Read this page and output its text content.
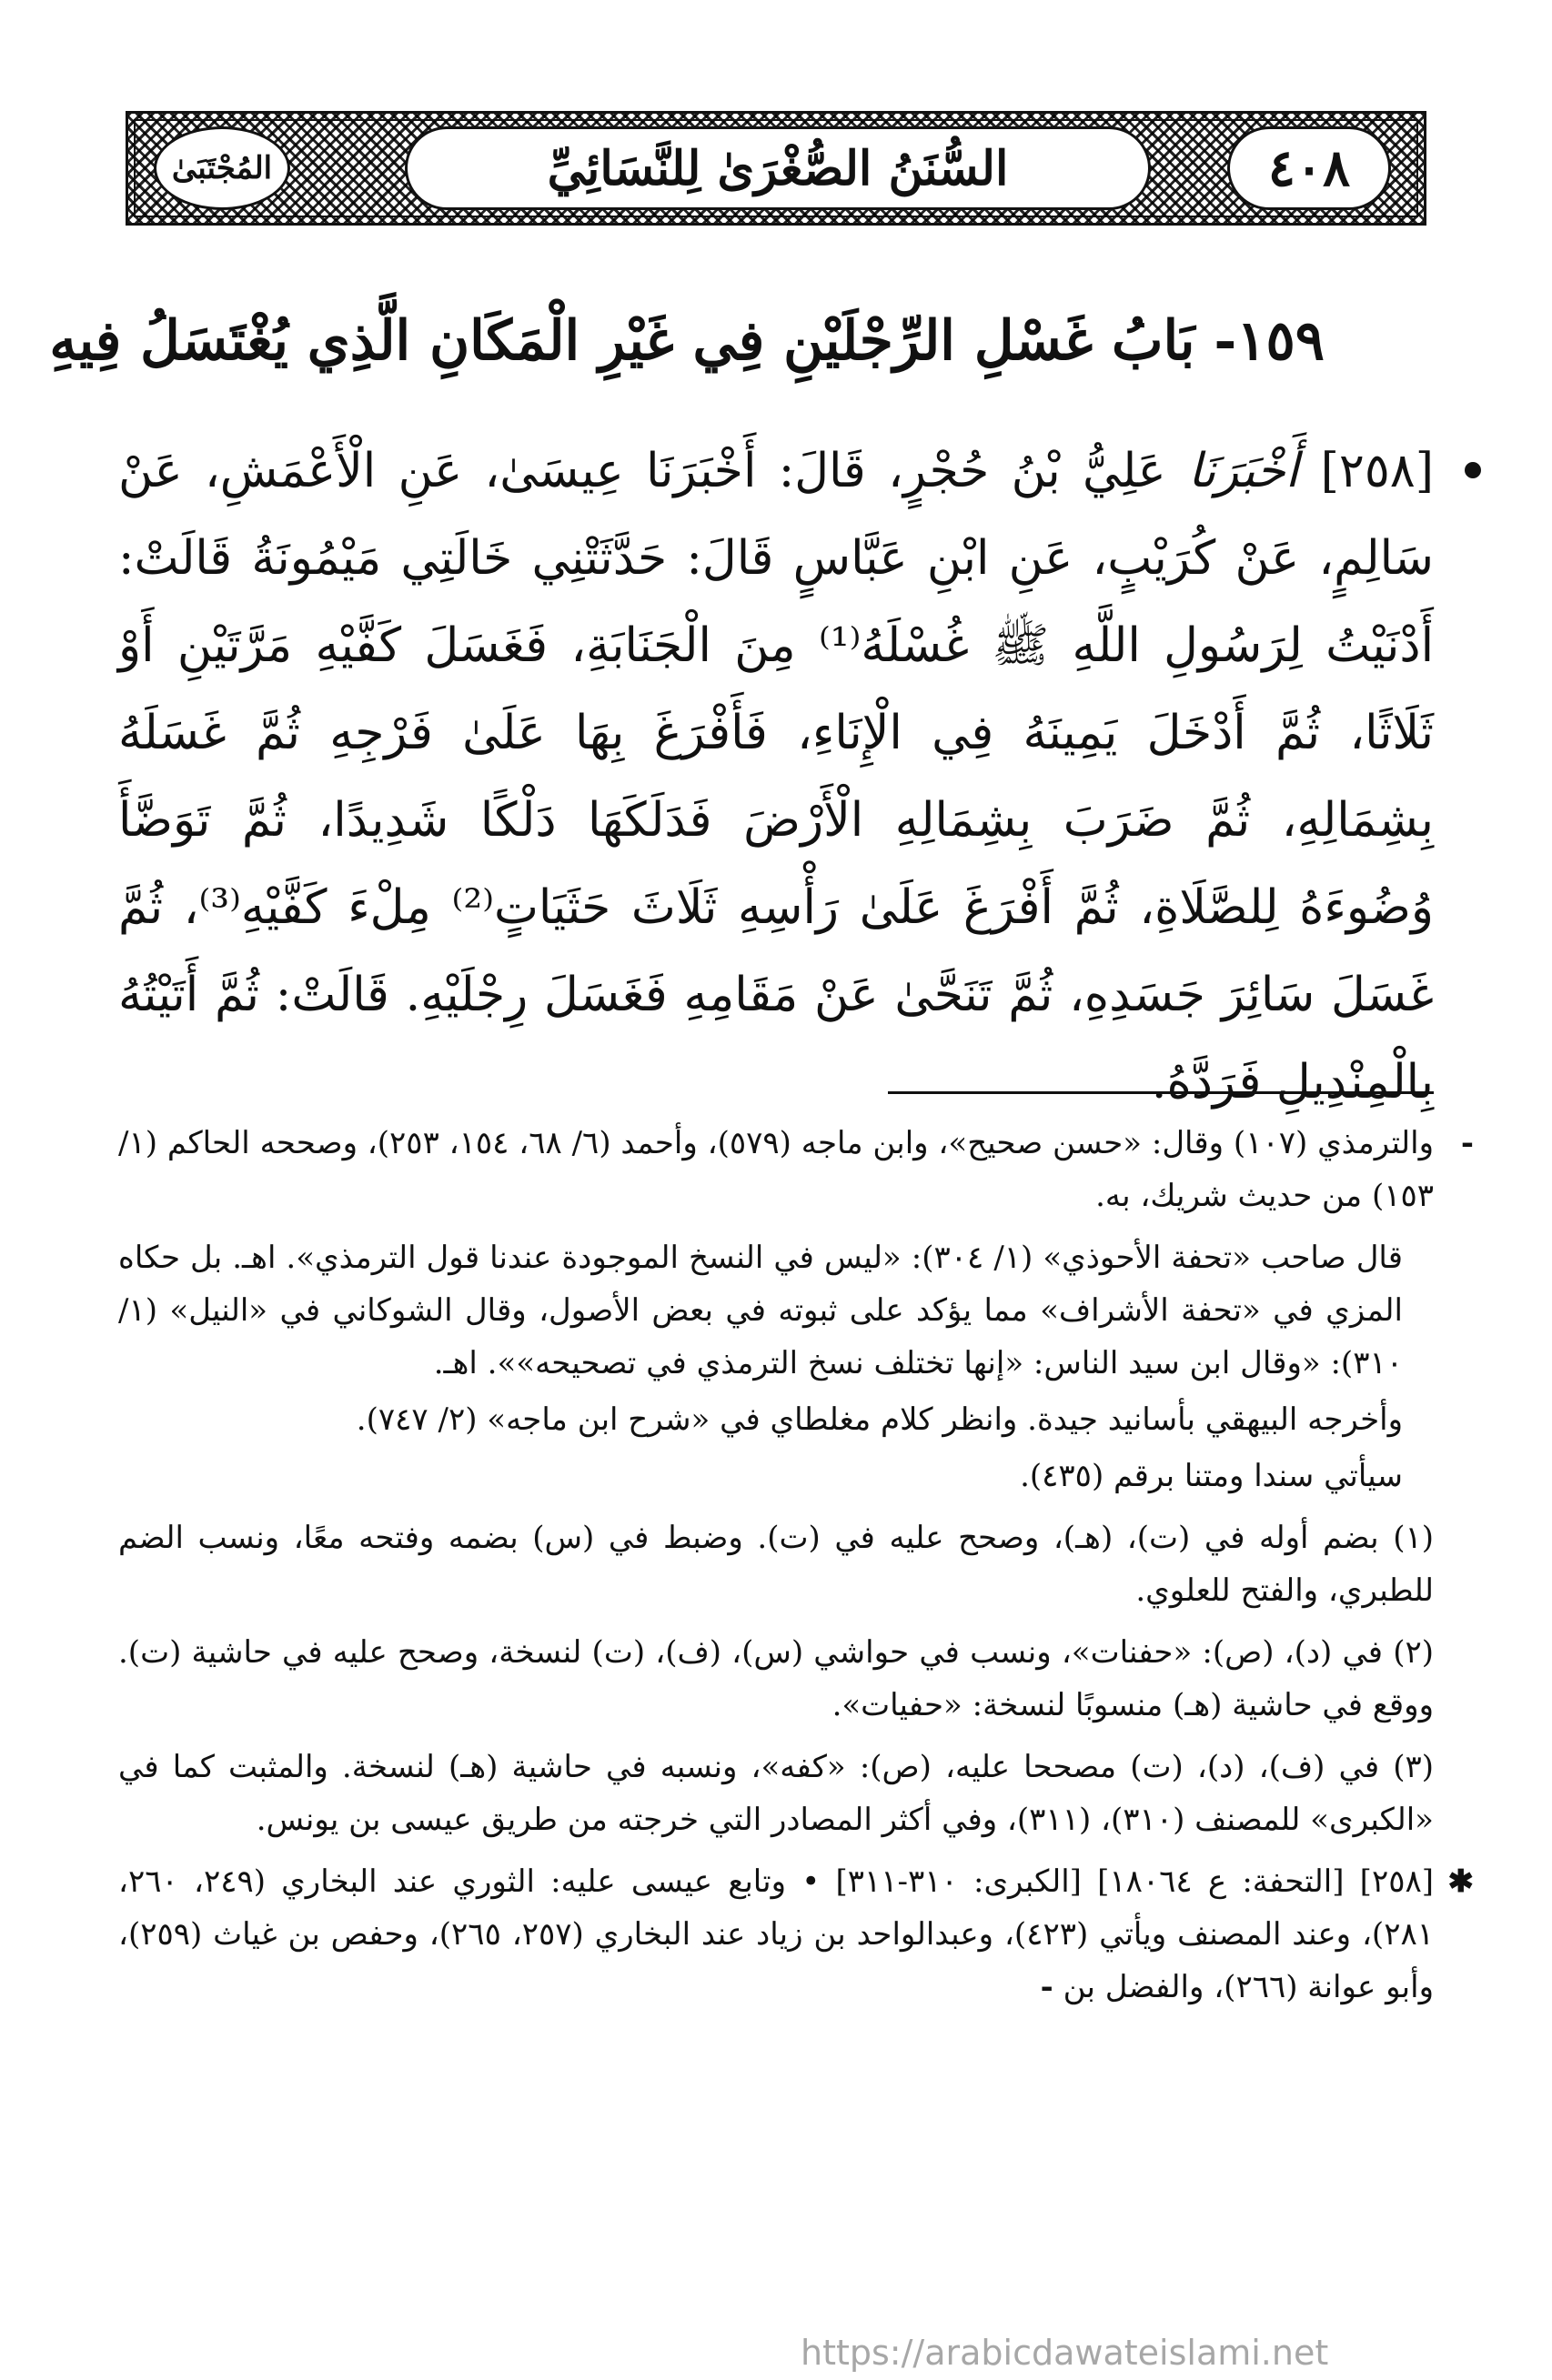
٤٠٨
السُّنَنُ الصُّغْرَىٰ لِلنَّسَائِيِّ
المُجْتَبَىٰ
١٥٩- بَابُ غَسْلِ الرِّجْلَيْنِ فِي غَيْرِ الْمَكَانِ الَّذِي يُغْتَسَلُ فِيهِ
[٢٥٨] أَخْبَرَنَا عَلِيُّ بْنُ حُجْرٍ، قَالَ: أَخْبَرَنَا عِيسَىٰ، عَنِ الْأَعْمَشِ، عَنْ سَالِمٍ، عَنْ كُرَيْبٍ، عَنِ ابْنِ عَبَّاسٍ قَالَ: حَدَّثَتْنِي خَالَتِي مَيْمُونَةُ قَالَتْ: أَدْنَيْتُ لِرَسُولِ اللَّهِ ﷺ غُسْلَهُ⁽¹⁾ مِنَ الْجَنَابَةِ، فَغَسَلَ كَفَّيْهِ مَرَّتَيْنِ أَوْ ثَلَاثًا، ثُمَّ أَدْخَلَ يَمِينَهُ فِي الْإِنَاءِ، فَأَفْرَغَ بِهَا عَلَىٰ فَرْجِهِ ثُمَّ غَسَلَهُ بِشِمَالِهِ، ثُمَّ ضَرَبَ بِشِمَالِهِ الْأَرْضَ فَدَلَكَهَا دَلْكًا شَدِيدًا، ثُمَّ تَوَضَّأَ وُضُوءَهُ لِلصَّلَاةِ، ثُمَّ أَفْرَغَ عَلَىٰ رَأْسِهِ ثَلَاثَ حَثَيَاتٍ⁽²⁾ مِلْءَ كَفَّيْهِ⁽³⁾، ثُمَّ غَسَلَ سَائِرَ جَسَدِهِ، ثُمَّ تَنَحَّىٰ عَنْ مَقَامِهِ فَغَسَلَ رِجْلَيْهِ. قَالَتْ: ثُمَّ أَتَيْتُهُ بِالْمِنْدِيلِ فَرَدَّهُ.

-
والترمذي (١٠٧) وقال: «حسن صحيح»، وابن ماجه (٥٧٩)، وأحمد (٦/ ٦٨، ١٥٤، ٢٥٣)، وصححه الحاكم (١/ ١٥٣) من حديث شريك، به.

قال صاحب «تحفة الأحوذي» (١/ ٣٠٤): «ليس في النسخ الموجودة عندنا قول الترمذي». اهـ. بل حكاه المزي في «تحفة الأشراف» مما يؤكد على ثبوته في بعض الأصول، وقال الشوكاني في «النيل» (١/ ٣١٠): «وقال ابن سيد الناس: «إنها تختلف نسخ الترمذي في تصحيحه»». اهـ.

وأخرجه البيهقي بأسانيد جيدة. وانظر كلام مغلطاي في «شرح ابن ماجه» (٢/ ٧٤٧).

سيأتي سندا ومتنا برقم (٤٣٥).

(١) بضم أوله في (ت)، (هـ)، وصحح عليه في (ت). وضبط في (س) بضمه وفتحه معًا، ونسب الضم للطبري، والفتح للعلوي.

(٢) في (د)، (ص): «حفنات»، ونسب في حواشي (س)، (ف)، (ت) لنسخة، وصحح عليه في حاشية (ت). ووقع في حاشية (هـ) منسوبًا لنسخة: «حفيات».

(٣) في (ف)، (د)، (ت) مصححا عليه، (ص): «كفه»، ونسبه في حاشية (هـ) لنسخة. والمثبت كما في «الكبرى» للمصنف (٣١٠)، (٣١١)، وفي أكثر المصادر التي خرجته من طريق عيسى بن يونس.

✱
[٢٥٨] [التحفة: ع ١٨٠٦٤] [الكبرى: ٣١٠-٣١١] • وتابع عيسى عليه: الثوري عند البخاري (٢٤٩، ٢٦٠، ٢٨١)، وعند المصنف ويأتي (٤٢٣)، وعبدالواحد بن زياد عند البخاري (٢٥٧، ٢٦٥)، وحفص بن غياث (٢٥٩)، وأبو عوانة (٢٦٦)، والفضل بن -

https://arabicdawateislami.net
